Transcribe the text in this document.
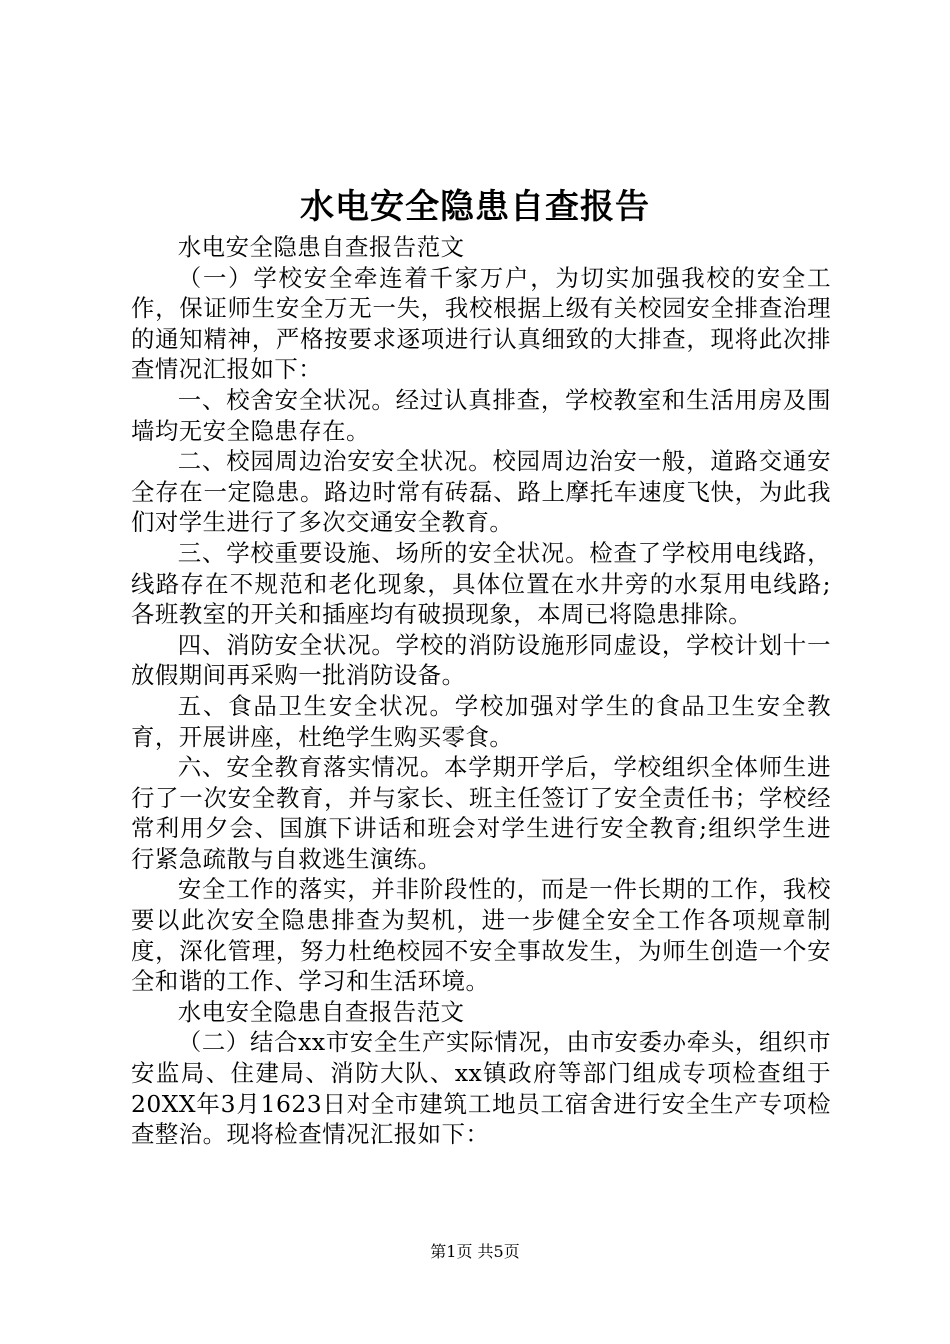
水电安全隐患自查报告

水电安全隐患自查报告范文

（一）学校安全牵连着千家万户，为切实加强我校的安全工作，保证师生安全万无一失，我校根据上级有关校园安全排查治理的通知精神，严格按要求逐项进行认真细致的大排查，现将此次排查情况汇报如下：

一、校舍安全状况。经过认真排查，学校教室和生活用房及围墙均无安全隐患存在。

二、校园周边治安安全状况。校园周边治安一般，道路交通安全存在一定隐患。路边时常有砖磊、路上摩托车速度飞快，为此我们对学生进行了多次交通安全教育。

三、学校重要设施、场所的安全状况。检查了学校用电线路，线路存在不规范和老化现象，具体位置在水井旁的水泵用电线路;各班教室的开关和插座均有破损现象，本周已将隐患排除。

四、消防安全状况。学校的消防设施形同虚设，学校计划十一放假期间再采购一批消防设备。

五、食品卫生安全状况。学校加强对学生的食品卫生安全教育，开展讲座，杜绝学生购买零食。

六、安全教育落实情况。本学期开学后，学校组织全体师生进行了一次安全教育，并与家长、班主任签订了安全责任书；学校经常利用夕会、国旗下讲话和班会对学生进行安全教育;组织学生进行紧急疏散与自救逃生演练。

安全工作的落实，并非阶段性的，而是一件长期的工作，我校要以此次安全隐患排查为契机，进一步健全安全工作各项规章制度，深化管理，努力杜绝校园不安全事故发生，为师生创造一个安全和谐的工作、学习和生活环境。

水电安全隐患自查报告范文

（二）结合xx市安全生产实际情况，由市安委办牵头，组织市安监局、住建局、消防大队、xx镇政府等部门组成专项检查组于20XX年3月1623日对全市建筑工地员工宿舍进行安全生产专项检查整治。现将检查情况汇报如下：

第1页 共5页
